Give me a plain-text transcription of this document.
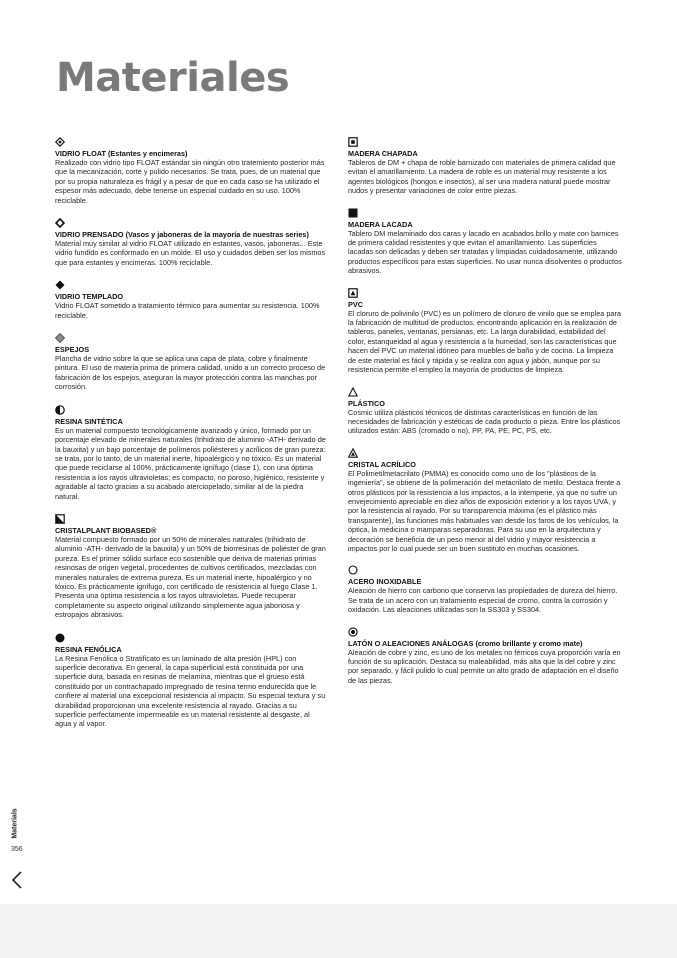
Materiales
VIDRIO FLOAT (Estantes y encimeras)

Realizado con vidrio tipo FLOAT estándar sin ningún otro tratemiento posterior más que la mecanización, corte y pulido necesarios. Se trata, pues, de un material que por su propia naturaleza es frágil y a pesar de que en cada caso se ha utilizado el espesor más adecuado, debe tenerse un especial cuidado en su uso. 100% reciclable.

VIDRIO PRENSADO (Vasos y jaboneras de la mayoría de nuestras series)

Material muy similar al vidrio FLOAT utilizado en estantes, vasos, jaboneras... Este vidrio fundido es conformado en un molde. El uso y cuidados deben ser los mismos que para estantes y encimeras. 100% reciclable.

VIDRIO TEMPLADO

Vidrio FLOAT sometido a tratamiento térmico para aumentar su resistencia. 100% reciclable.

ESPEJOS

Plancha de vidrio sobre la que se aplica una capa de plata, cobre y finalmente pintura. El uso de materia prima de primera calidad, unido a un correcto proceso de fabricación de los espejos, aseguran la mayor protección contra las manchas por corrosión.

RESINA SINTÉTICA

Es un material compuesto tecnológicamente avanzado y único, formado por un porcentaje elevado de minerales naturales (trihidrato de aluminio -ATH- derivado de la bauxita) y un bajo porcentaje de polímeros poliésteres y acrílicos de gran pureza: se trata, por lo tanto, de un material inerte, hipoalérgico y no tóxico. Es un material que puede reciclarse al 100%, prácticamente ignífugo (clase 1), con una óptima resistencia a los rayos ultravioletas; es compacto, no poroso, higiénico, resistente y agradable al tacto gracias a su acabado aterciopelado, similar al de la piedra natural.

CRISTALPLANT BIOBASED®

Material compuesto formado por un 50% de minerales naturales (trihidrato de aluminio -ATH- derivado de la bauxita) y un 50% de biorresinas de poliéster de gran pureza. Es el primer sólido surface eco sostenible que deriva de materias primas resinosas de origen vegetal, procedentes de cultivos certificados, mezcladas con minerales naturales de extrema pureza. Es un material inerte, hipoalérgico y no tóxico. Es prácticamente ignífugo, con certificado de resistencia al fuego Clase 1. Presenta una óptima resistencia a los rayos ultravioletas. Puede recuperar completamente su aspecto original utilizando simplemente agua jabonosa y estropajos abrasivos.

RESINA FENÓLICA

La Resina Fenólica o Stratificato es un laminado de alta presión (HPL) con superficie decorativa. En general, la capa superficial está constituida por una superficie dura, basada en resinas de melamina, mientras que el grueso está constituido por un contrachapado impregnado de resina termo endurecida que le confiere al material una excepcional resistencia al impacto. Su especial textura y su durabilidad proporcionan una excelente resistencia al rayado. Gracias a su superficie perfectamente impermeable es un material resistente al desgaste, al agua y al vapor.

MADERA CHAPADA

Tableros de DM + chapa de roble barnizado con materiales de primera calidad que evitan el amarillamiento. La madera de roble es un material muy resistente a los agentes biológicos (hongos e insectos), al ser una madera natural puede mostrar nudos y presentar variaciones de color entre piezas.

MADERA LACADA

Tablero DM melaminado dos caras y lacado en acabados brillo y mate con barnices de primera calidad resistentes y que evitan el amarillamiento. Las superficies lacadas son delicadas y deben ser tratadas y limpiadas cuidadosamente, utilizando productos específicos para estas superficies. No usar nunca disolventes o productos abrasivos.

PVC

El cloruro de polivinilo (PVC) es un polímero de cloruro de vinilo que se emplea para la fabricación de multitud de productos, encontrando aplicación en la realización de tableros, paneles, ventanas, persianas, etc. La larga durabilidad, estabilidad del color, estanqueidad al agua y resistencia a la humedad, son las características que hacen del PVC un material idóneo para muebles de baño y de cocina. La limpieza de este material es fácil y rápida y se realiza con agua y jabón, aunque por su resistencia permite el empleo la mayoría de productos de limpieza.

PLÁSTICO

Cosmic utiliza plásticos técnicos de distintas características en función de las necesidades de fabricación y estéticas de cada producto o pieza. Entre los plásticos utilizados están: ABS (cromado o no), PP, PA, PE, PC, PS, etc.

CRISTAL ACRÍLICO

El Polimetilmetacrilato (PMMA) es conocido como uno de los "plásticos de la ingeniería", se obtiene de la polimeración del metacrilato de metilo. Destaca frente a otros plásticos por la resistencia a los impactos, a la intemperie, ya que no sufre un envejecimiento apreciable en diez años de exposición exterior y a los rayos UVA, y por la resistencia al rayado. Por su transparencia máxima (es el plástico más transparente), las funciones más habituales van desde los faros de los vehículos, la óptica, la medicina o mamparas separadoras. Para su uso en la arquitectura y decoración se beneficia de un peso menor al del vidrio y mayor resistencia a impactos por lo cual puede ser un buen sustituto en muchas ocasiones.

ACERO INOXIDABLE

Aleación de hierro con carbono que conserva las propiedades de dureza del hierro. Se trata de un acero con un tratamiento especial de cromo, contra la corrosión y oxidación. Las aleaciones utilizadas son la SS303 y SS304.

LATÓN O ALEACIONES ANÁLOGAS (cromo brillante y cromo mate)

Aleación de cobre y zinc, es uno de los metales no férricos cuya proporción varía en función de su aplicación. Destaca su maleabilidad, más alta que la del cobre y zinc por separado, y fácil pulido lo cual permite un alto grado de adaptación en el diseño de las piezas.

Materials
356
